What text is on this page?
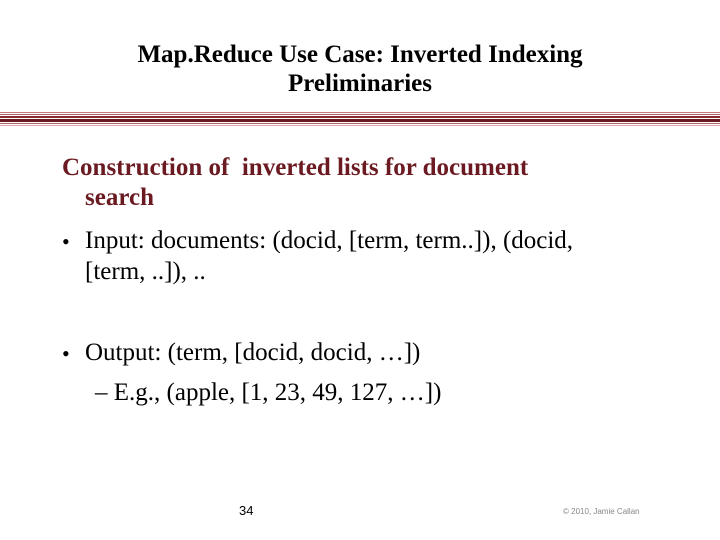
Map.Reduce Use Case: Inverted Indexing
Preliminaries
Construction of  inverted lists for document
search
• Input: documents: (docid, [term, term..]), (docid,
[term, ..]), ..
• Output: (term, [docid, docid, …])
– E.g., (apple, [1, 23, 49, 127, …])
34	© 2010, Jamie Callan
